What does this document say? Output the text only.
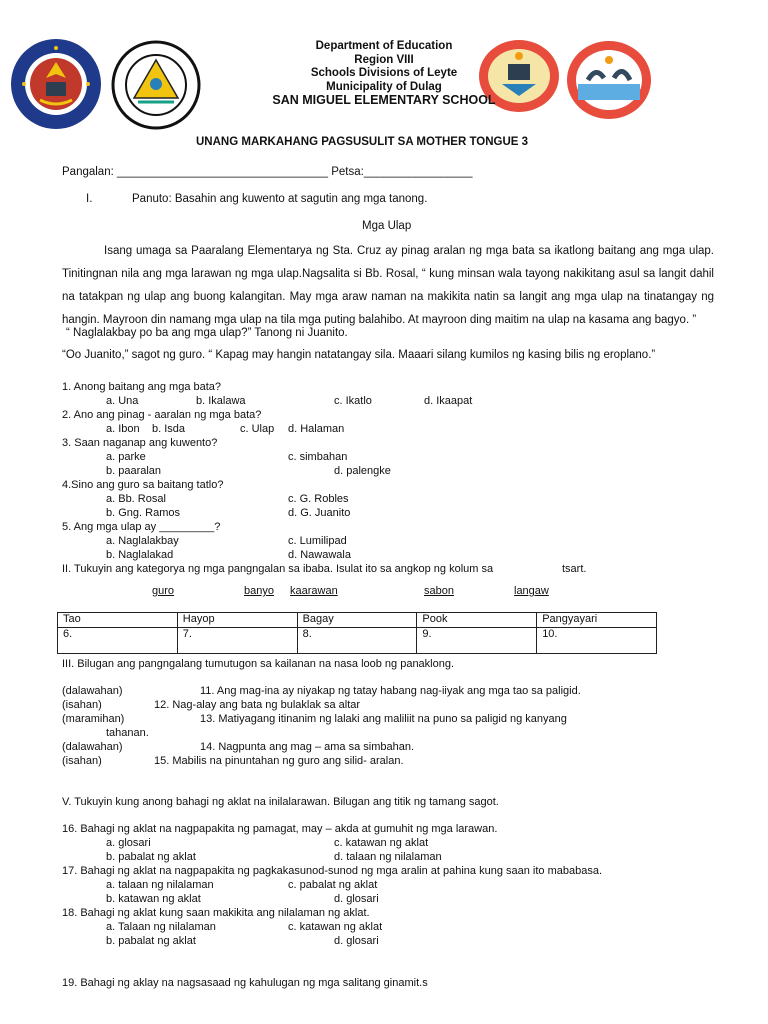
Department of Education
Region VIII
Schools Divisions of Leyte
Municipality of Dulag
SAN MIGUEL ELEMENTARY SCHOOL
UNANG MARKAHANG PAGSUSULIT SA MOTHER TONGUE 3
Pangalan: _________________________________ Petsa:_________________
I.	Panuto: Basahin ang kuwento at sagutin ang mga tanong.
Mga Ulap
Isang umaga sa Paaralang Elementarya ng Sta. Cruz ay pinag aralan ng mga bata sa ikatlong baitang ang mga ulap. Tinitingnan nila ang mga larawan ng mga ulap.Nagsalita si Bb. Rosal, “ kung minsan wala tayong nakikitang asul sa langit dahil na tatakpan ng ulap ang buong kalangitan. May mga araw naman na makikita natin sa langit ang mga ulap na tinatangay ng hangin. Mayroon din namang mga ulap na tila mga puting balahibo. At mayroon ding maitim na ulap na kasama ang bagyo. ”
“ Naglalakbay po ba ang mga ulap?” Tanong ni Juanito.
“Oo Juanito,” sagot ng guro. “ Kapag may hangin natatangay sila. Maaari silang kumilos ng kasing bilis ng eroplano.”
1. Anong baitang ang mga bata?
a. Una	b. Ikalawa	c. Ikatlo	d. Ikaapat
2. Ano ang pinag - aaralan ng mga bata?
a. Ibon b. Isda	c. Ulap d. Halaman
3. Saan naganap ang kuwento?
a. parke	c. simbahan
b. paaralan	d. palengke
4.Sino ang guro sa baitang tatlo?
a. Bb. Rosal	c. G. Robles
b. Gng. Ramos	d. G. Juanito
5. Ang mga ulap ay _________?
a. Naglalakbay	c. Lumilipad
b. Naglalakad	d. Nawawala
II. Tukuyin ang kategorya ng mga pangngalan sa ibaba. Isulat ito sa angkop ng kolum sa	tsart.
guro	banyo kaarawan	sabon	langaw
Tao	Hayop	Bagay	Pook	Pangyayari
6.	7.	8.	9.	10.
III. Bilugan ang pangngalang tumutugon sa kailanan na nasa loob ng panaklong.
(dalawahan)	11. Ang mag-ina ay niyakap ng tatay habang nag-iiyak ang mga tao sa paligid.
(isahan)	12. Nag-alay ang bata ng bulaklak sa altar
(maramihan)	13. Matiyagang itinanim ng lalaki ang maliliit na puno sa paligid ng kanyang
tahanan.
(dalawahan)	14. Nagpunta ang mag – ama sa simbahan.
(isahan)	15. Mabilis na pinuntahan ng guro ang silid- aralan.
V. Tukuyin kung anong bahagi ng aklat na inilalarawan. Bilugan ang titik ng tamang sagot.
16. Bahagi ng aklat na nagpapakita ng pamagat, may – akda at gumuhit ng mga larawan.
a. glosari	c. katawan ng aklat
b. pabalat ng aklat	d. talaan ng nilalaman
17. Bahagi ng aklat na nagpapakita ng pagkakasunod-sunod ng mga aralin at pahina kung saan ito mababasa.
a. talaan ng nilalaman	c. pabalat ng aklat
b. katawan ng aklat	d. glosari
18. Bahagi ng aklat kung saan makikita ang nilalaman ng aklat.
a. Talaan ng nilalaman	c. katawan ng aklat
b. pabalat ng aklat	d. glosari
19. Bahagi ng aklay na nagsasaad ng kahulugan ng mga salitang ginamit.s
